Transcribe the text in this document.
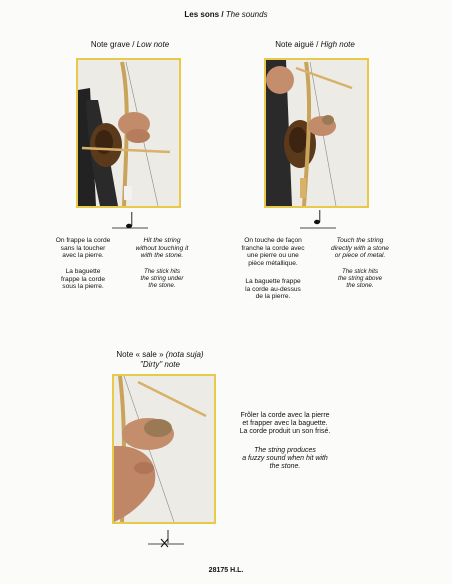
Les sons / The sounds
Note grave / Low note
On frappe la corde
sans la toucher
avec la pierre.
Hit the string
without touching it
with the stone.
La baguette
frappe la corde
sous la pierre.
The stick hits
the string under
the stone.
Note aiguë / High note
On touche de façon
franche la corde avec
une pierre ou une
pièce métallique.
Touch the string
directly with a stone
or piece of metal.
La baguette frappe
la corde au-dessus
de la pierre.
The stick hits
the string above
the stone.
Note « sale » (nota suja)
"Dirty" note
Frôler la corde avec la pierre
et frapper avec la baguette.
La corde produit un son frisé.
The string produces
a fuzzy sound when hit with
the stone.
28175 H.L.
